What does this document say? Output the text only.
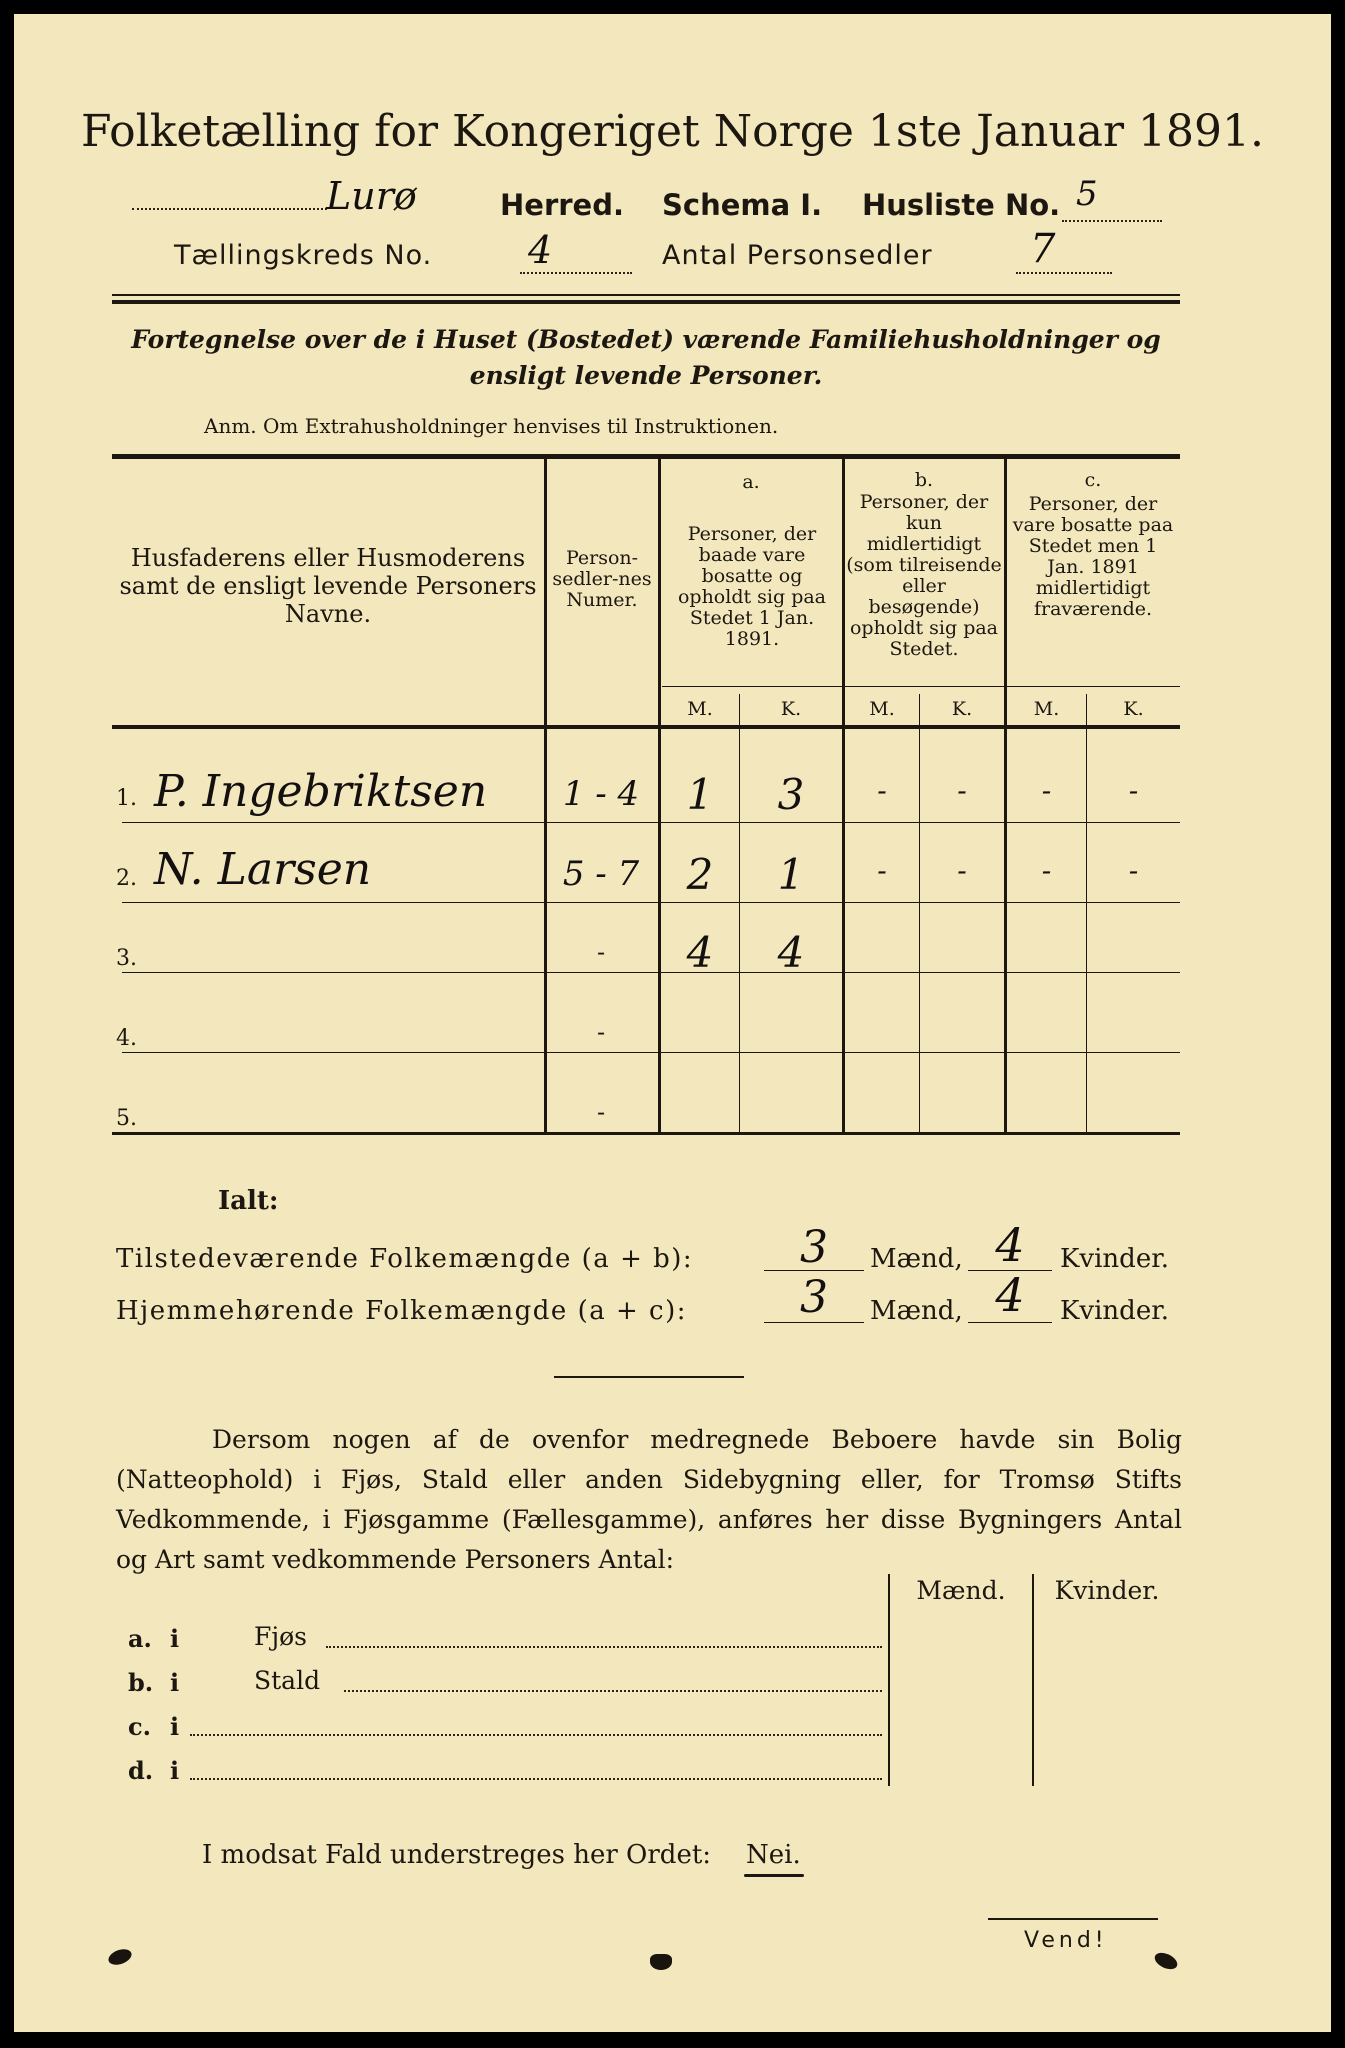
Folketælling for Kongeriget Norge 1ste Januar 1891.
Lurø	Herred. Schema I. Husliste No. 5
Tællingskreds No.	4	Antal Personsedler 7
Fortegnelse over de i Huset (Bostedet) værende Familiehusholdninger og ensligt levende Personer.
Anm. Om Extrahusholdninger henvises til Instruktionen.
Husfaderens eller Husmoderens samt de ensligt levende Personers Navne.
Person-sedler-nes Numer.
a.
Personer, der baade vare bosatte og opholdt sig paa Stedet 1 Jan. 1891.
b.
Personer, der kun midlertidigt (som tilreisende eller besøgende) opholdt sig paa Stedet.
c.
Personer, der vare bosatte paa Stedet men 1 Jan. 1891 midlertidigt fraværende.
M.	K.	M.	K.	M.	K.
1. P. Ingebriktsen	1 - 4	1	3	-	-	-	-
2. N. Larsen	5 - 7	2	1	-	-	-	-
3.	-	4	4
4.	-
5.	-
Ialt:
Tilstedeværende Folkemængde (a + b):	3	Mænd, 4	Kvinder.
Hjemmehørende Folkemængde (a + c):	3	Mænd, 4	Kvinder.
Dersom nogen af de ovenfor medregnede Beboere havde sin Bolig (Natteophold) i Fjøs, Stald eller anden Sidebygning eller, for Tromsø Stifts Vedkommende, i Fjøsgamme (Fællesgamme), anføres her disse Bygningers Antal og Art samt vedkommende Personers Antal:
Mænd.	Kvinder.
a. i	Fjøs
b. i	Stald
c. i
d. i
I modsat Fald understreges her Ordet: Nei.
Vend!
